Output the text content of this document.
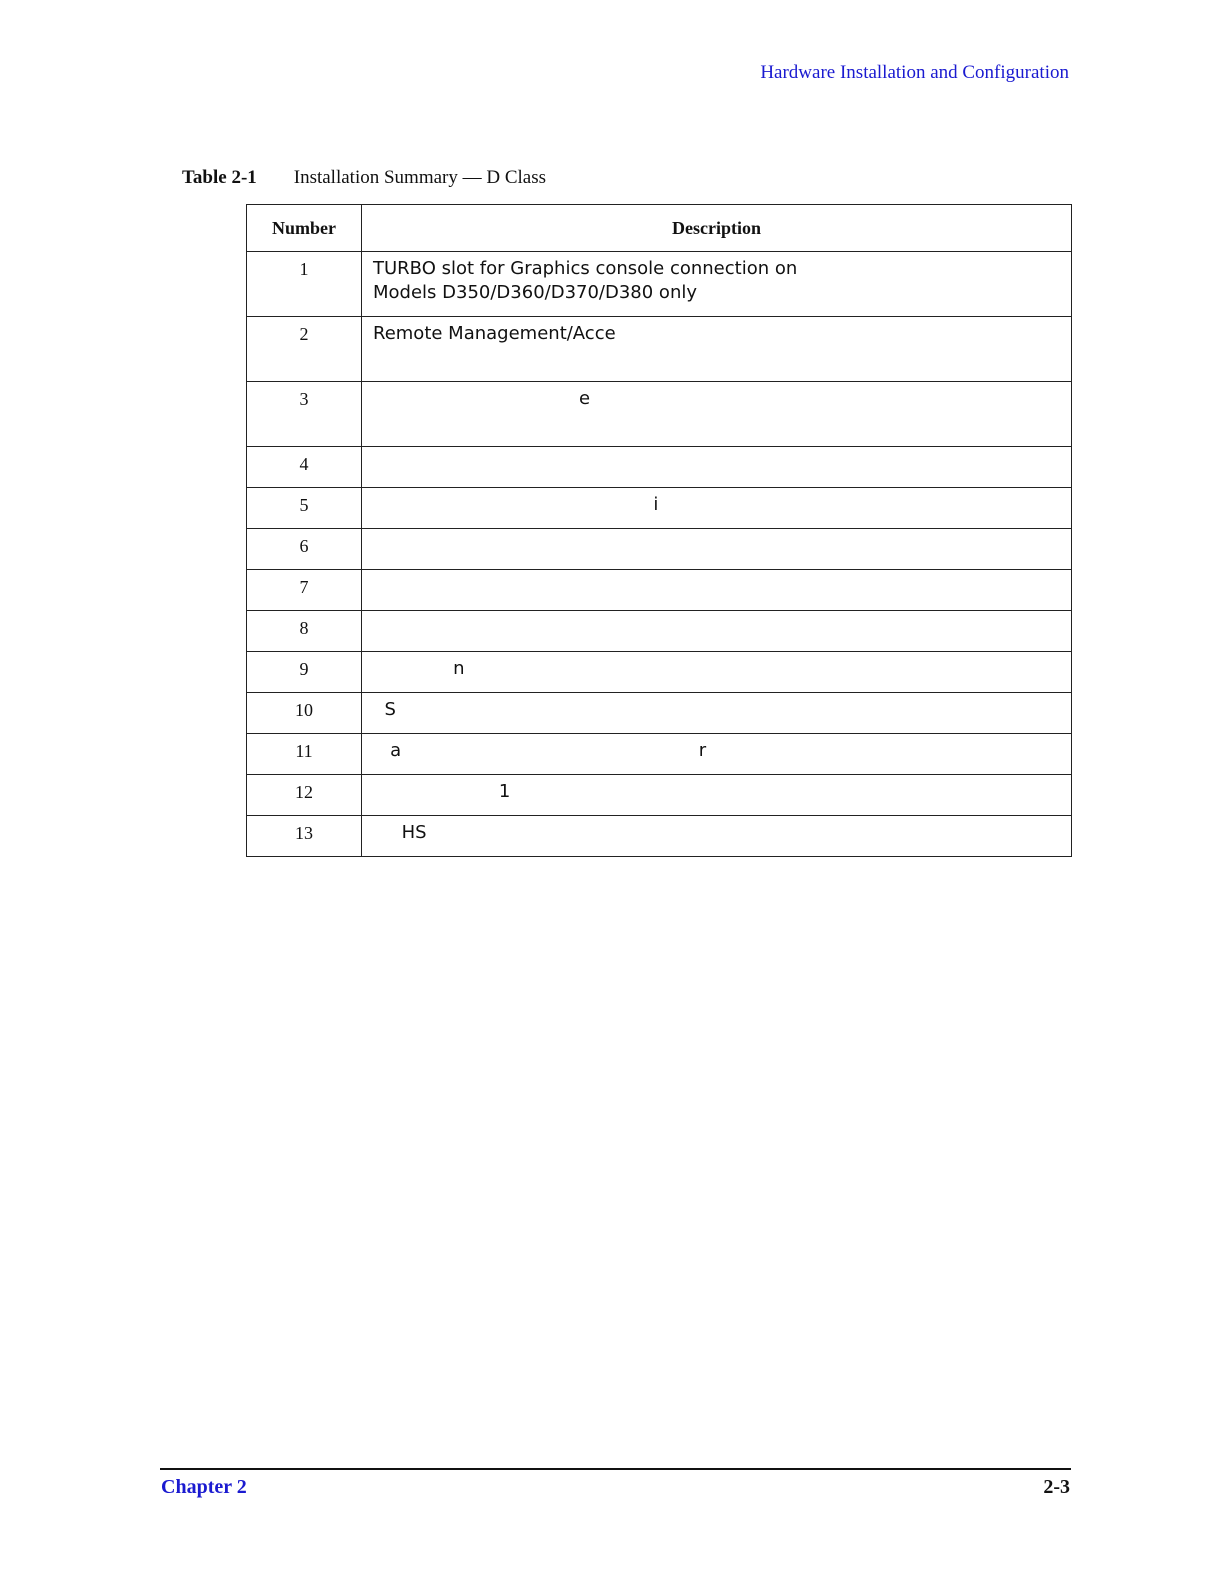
Hardware Installation and Configuration
Table 2-1 Installation Summary — D Class
Number	Description
1	TURBO slot for Graphics console connection on
Models D350/D360/D370/D380 only
2	Remote Management/Acce
3	e
4	
5	i
6	
7	
8	
9	n
10	S
11	a                                                    r
12	1
13	HS
Chapter 2	2-3
